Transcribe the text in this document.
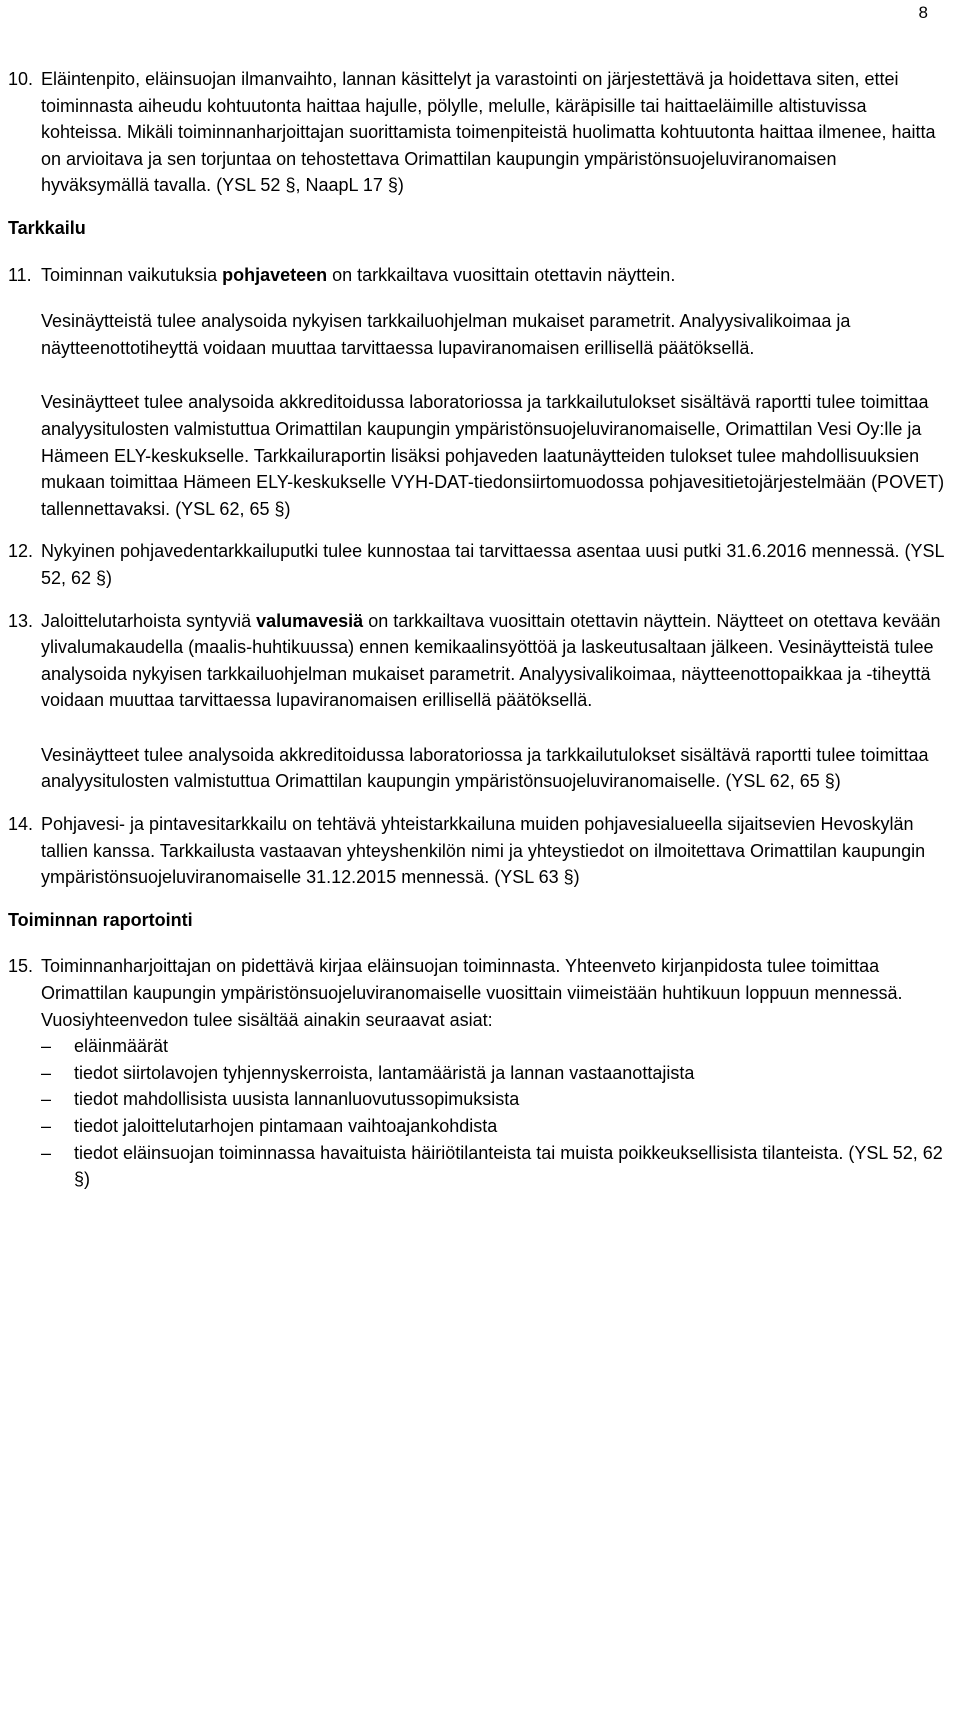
8

10. Eläintenpito, eläinsuojan ilmanvaihto, lannan käsittelyt ja varastointi on järjestettävä ja hoidettava siten, ettei toiminnasta aiheudu kohtuutonta haittaa hajulle, pölylle, melulle, käräpisille tai haittaeläimille altistuvissa kohteissa. Mikäli toiminnanharjoittajan suorittamista toimenpiteistä huolimatta kohtuutonta haittaa ilmenee, haitta on arvioitava ja sen torjuntaa on tehostettava Orimattilan kaupungin ympäristönsuojeluviranomaisen hyväksymällä tavalla. (YSL 52 §, NaapL 17 §)

Tarkkailu

11. Toiminnan vaikutuksia pohjaveteen on tarkkailtava vuosittain otettavin näyttein.

Vesinäytteistä tulee analysoida nykyisen tarkkailuohjelman mukaiset parametrit. Analyysivalikoimaa ja näytteenottotiheyttä voidaan muuttaa tarvittaessa lupaviranomaisen erillisellä päätöksellä.

Vesinäytteet tulee analysoida akkreditoidussa laboratoriossa ja tarkkailutulokset sisältävä raportti tulee toimittaa analyysitulosten valmistuttua Orimattilan kaupungin ympäristönsuojeluviranomaiselle, Orimattilan Vesi Oy:lle ja Hämeen ELY-keskukselle. Tarkkailuraportin lisäksi pohjaveden laatunäytteiden tulokset tulee mahdollisuuksien mukaan toimittaa Hämeen ELY-keskukselle VYH-DAT-tiedonsiirtomuodossa pohjavesitietojärjestelmään (POVET) tallennettavaksi. (YSL 62, 65 §)

12. Nykyinen pohjavedentarkkailuputki tulee kunnostaa tai tarvittaessa asentaa uusi putki 31.6.2016 mennessä. (YSL 52, 62 §)

13. Jaloittelutarhoista syntyviä valumavesiä on tarkkailtava vuosittain otettavin näyttein. Näytteet on otettava kevään ylivalumakaudella (maalis-huhtikuussa) ennen kemikaalinsyöttöä ja laskeutusaltaan jälkeen. Vesinäytteistä tulee analysoida nykyisen tarkkailuohjelman mukaiset parametrit. Analyysivalikoimaa, näytteenottopaikkaa ja -tiheyttä voidaan muuttaa tarvittaessa lupaviranomaisen erillisellä päätöksellä.

Vesinäytteet tulee analysoida akkreditoidussa laboratoriossa ja tarkkailutulokset sisältävä raportti tulee toimittaa analyysitulosten valmistuttua Orimattilan kaupungin ympäristönsuojeluviranomaiselle. (YSL 62, 65 §)

14. Pohjavesi- ja pintavesitarkkailu on tehtävä yhteistarkkailuna muiden pohjavesialueella sijaitsevien Hevoskylän tallien kanssa. Tarkkailusta vastaavan yhteyshenkilön nimi ja yhteystiedot on ilmoitettava Orimattilan kaupungin ympäristönsuojeluviranomaiselle 31.12.2015 mennessä. (YSL 63 §)

Toiminnan raportointi

15. Toiminnanharjoittajan on pidettävä kirjaa eläinsuojan toiminnasta. Yhteenveto kirjanpidosta tulee toimittaa Orimattilan kaupungin ympäristönsuojeluviranomaiselle vuosittain viimeistään huhtikuun loppuun mennessä. Vuosiyhteenvedon tulee sisältää ainakin seuraavat asiat:

– eläinmäärät
– tiedot siirtolavojen tyhjennyskerroista, lantamääristä ja lannan vastaanottajista
– tiedot mahdollisista uusista lannanluovutussopimuksista
– tiedot jaloittelutarhojen pintamaan vaihtoajankohdista
– tiedot eläinsuojan toiminnassa havaituista häiriötilanteista tai muista poikkeuksellisista tilanteista. (YSL 52, 62 §)
